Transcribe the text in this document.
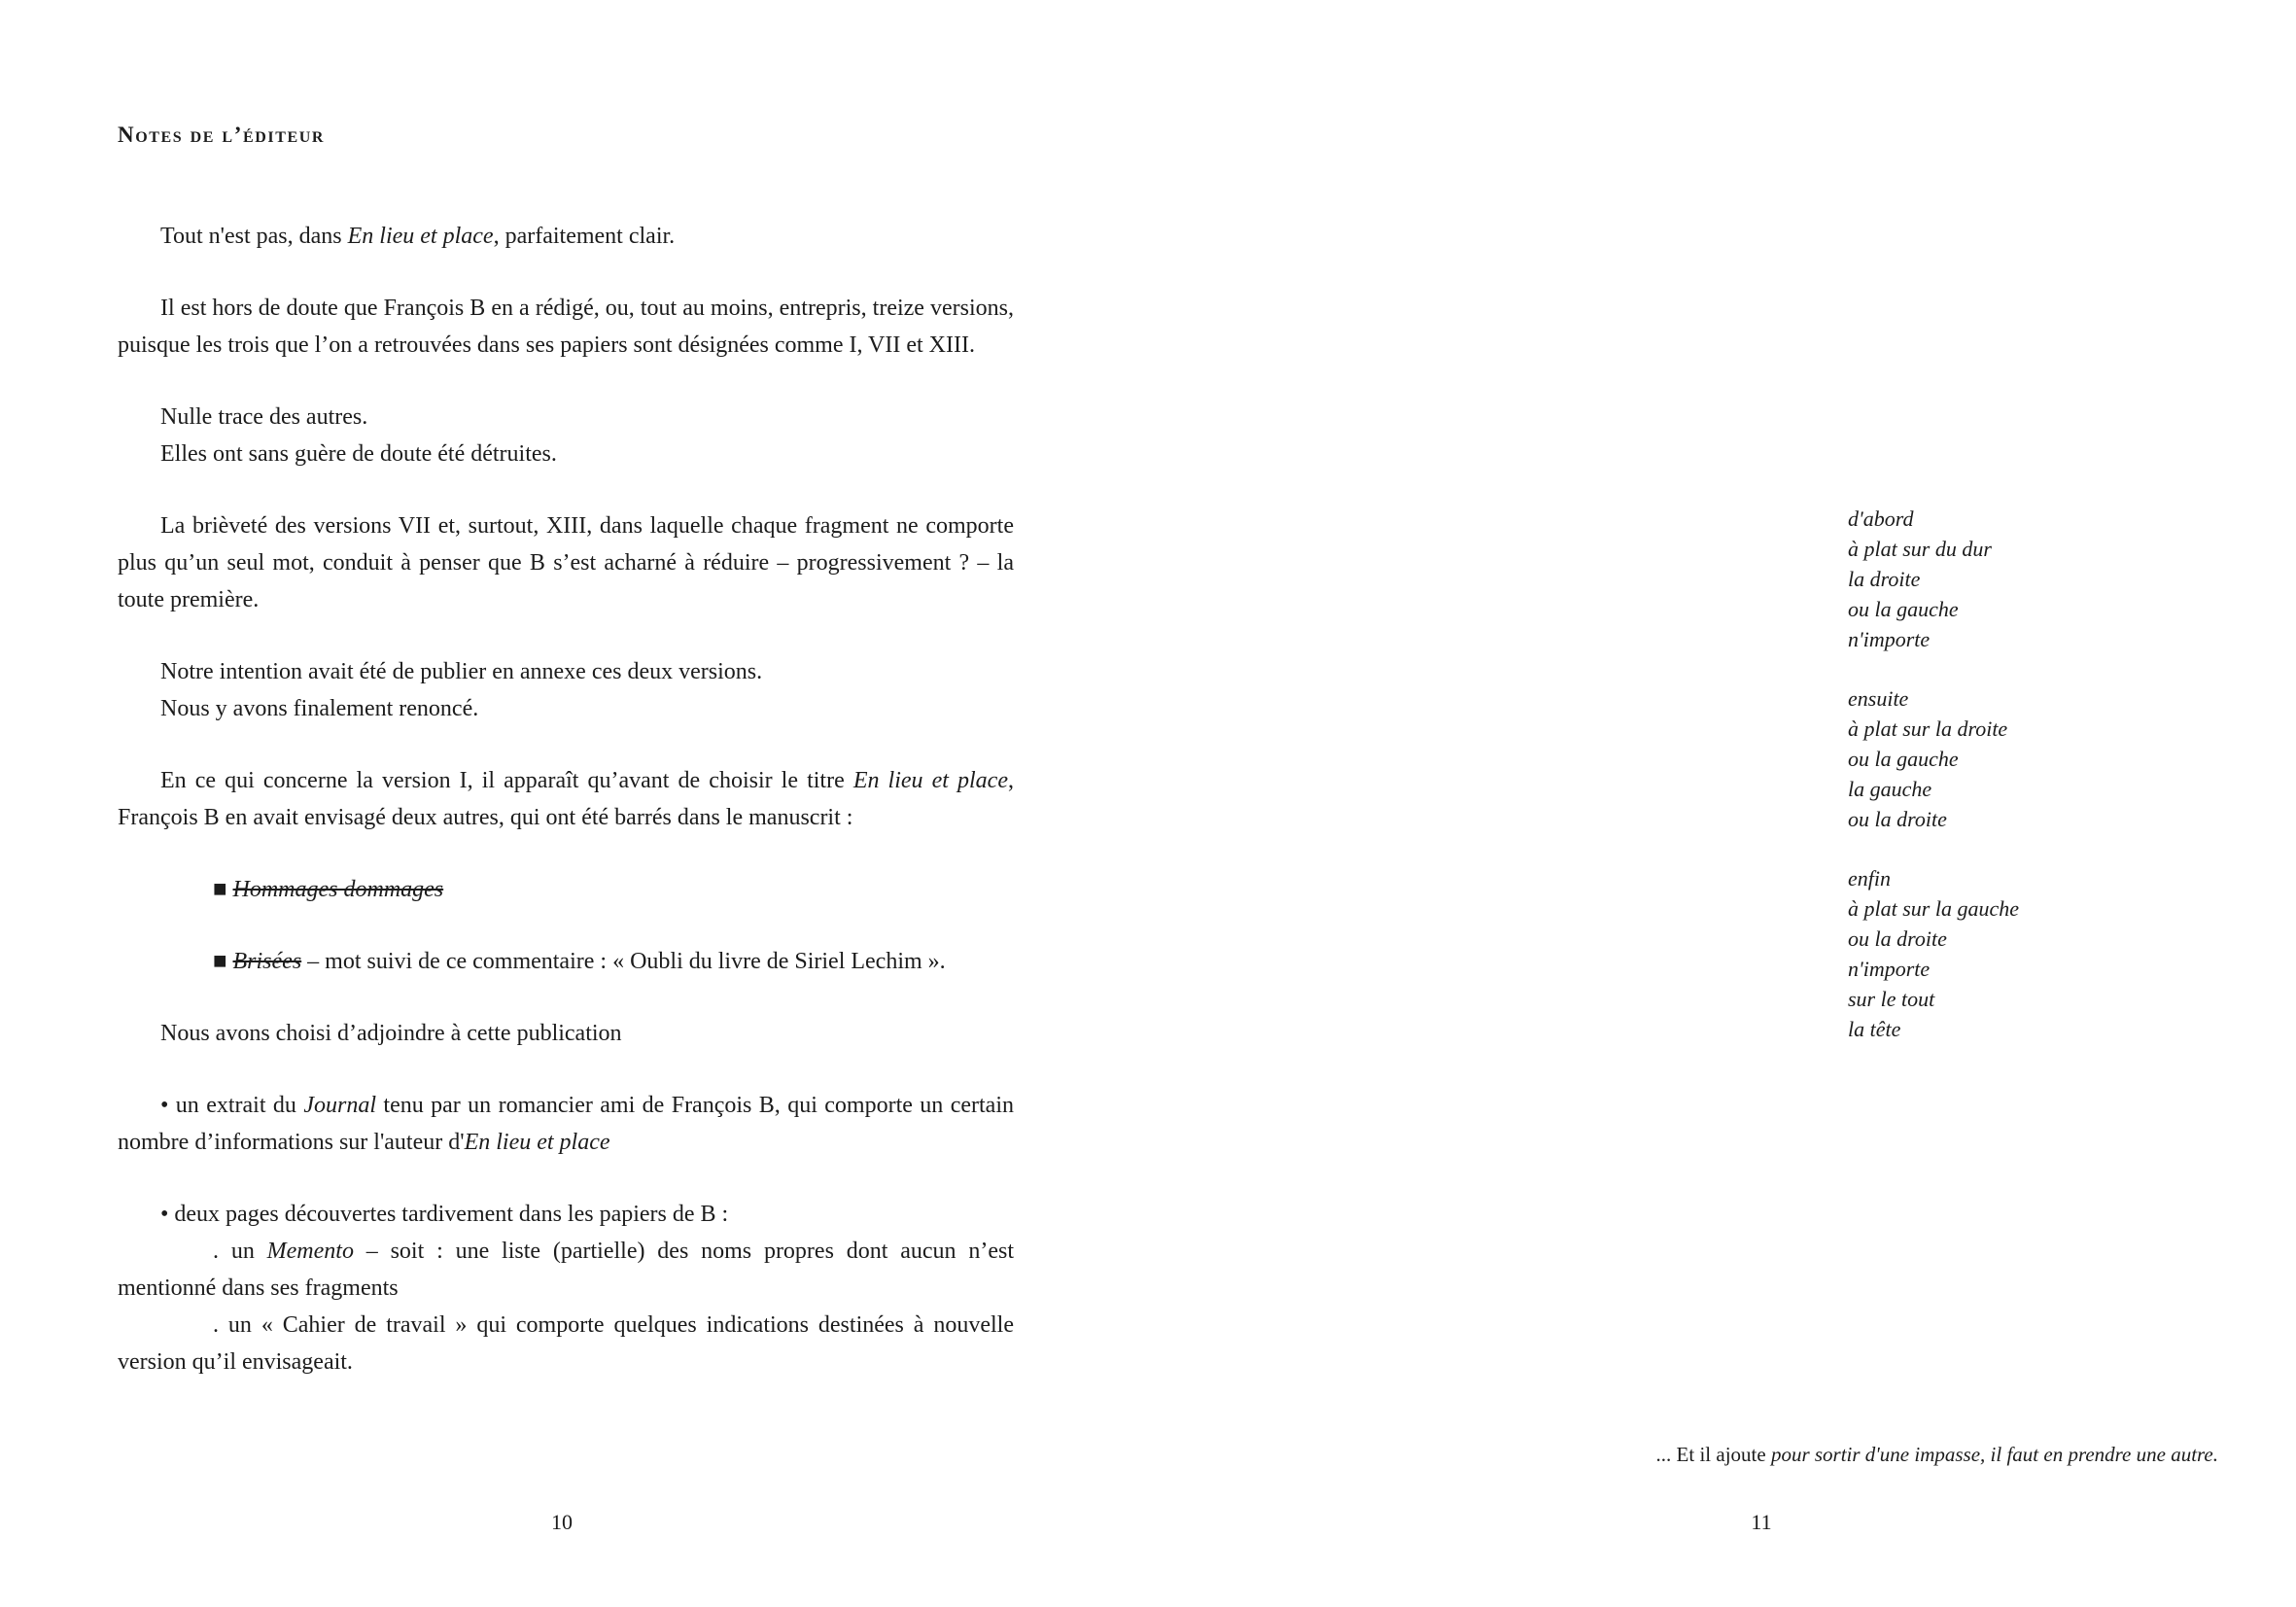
Notes de l’éditeur

Tout n'est pas, dans En lieu et place, parfaitement clair.

Il est hors de doute que François B en a rédigé, ou, tout au moins, entrepris, treize versions, puisque les trois que l’on a retrouvées dans ses papiers sont désignées comme I, VII et XIII.

Nulle trace des autres.

Elles ont sans guère de doute été détruites.

La brièveté des versions VII et, surtout, XIII, dans laquelle chaque fragment ne comporte plus qu’un seul mot, conduit à penser que B s’est acharné à réduire – progressivement ? – la toute première.

Notre intention avait été de publier en annexe ces deux versions.

Nous y avons finalement renoncé.

En ce qui concerne la version I, il apparaît qu’avant de choisir le titre En lieu et place, François B en avait envisagé deux autres, qui ont été barrés dans le manuscrit :

■ Hommages dommages

■ Brisées – mot suivi de ce commentaire : « Oubli du livre de Siriel Lechim ».

Nous avons choisi d’adjoindre à cette publication

• un extrait du Journal tenu par un romancier ami de François B, qui comporte un certain nombre d’informations sur l'auteur d'En lieu et place

• deux pages découvertes tardivement dans les papiers de B :

. un Memento – soit : une liste (partielle) des noms propres dont aucun n’est mentionné dans ses fragments

. un « Cahier de travail » qui comporte quelques indications destinées à nouvelle version qu’il envisageait.

10
d'abord
à plat sur du dur
la droite
ou la gauche
n'importe
ensuite
à plat sur la droite
ou la gauche
la gauche
ou la droite
enfin
à plat sur la gauche
ou la droite
n'importe
sur le tout
la tête
... Et il ajoute pour sortir d'une impasse, il faut en prendre une autre.
11
